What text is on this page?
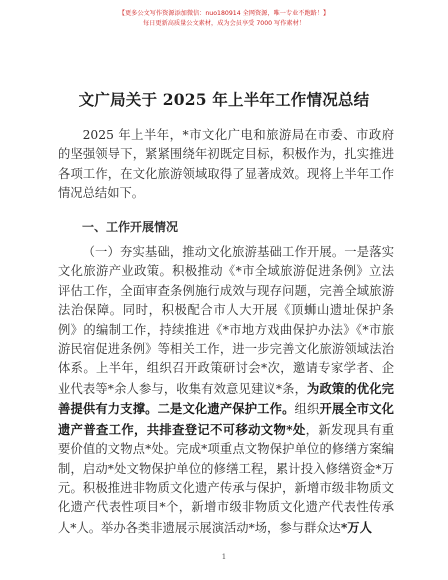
【更多公文写作资源添加微信：nuo180914 全网资源，唯一专业不跑路！】
每日更新高质量公文素材，成为会员享受 7000 写作素材！
文广局关于 2025 年上半年工作情况总结

2025 年上半年，*市文化广电和旅游局在市委、市政府的坚强领导下，紧紧围绕年初既定目标，积极作为，扎实推进各项工作，在文化旅游领域取得了显著成效。现将上半年工作情况总结如下。

一、工作开展情况

（一）夯实基础，推动文化旅游基础工作开展。一是落实文化旅游产业政策。积极推动《*市全域旅游促进条例》立法评估工作，全面审查条例施行成效与现存问题，完善全域旅游法治保障。同时，积极配合市人大开展《顶蛳山遗址保护条例》的编制工作，持续推进《*市地方戏曲保护办法》《*市旅游民宿促进条例》等相关工作，进一步完善文化旅游领域法治体系。上半年，组织召开政策研讨会*次，邀请专家学者、企业代表等*余人参与，收集有效意见建议*条，为政策的优化完善提供有力支撑。二是文化遗产保护工作。组织开展全市文化遗产普查工作，共排查登记不可移动文物*处，新发现具有重要价值的文物点*处。完成*项重点文物保护单位的修缮方案编制，启动*处文物保护单位的修缮工程，累计投入修缮资金*万元。积极推进非物质文化遗产传承与保护，新增市级非物质文化遗产代表性项目*个，新增市级非物质文化遗产代表性传承人*人。举办各类非遗展示展演活动*场，参与群众达*万人

1
